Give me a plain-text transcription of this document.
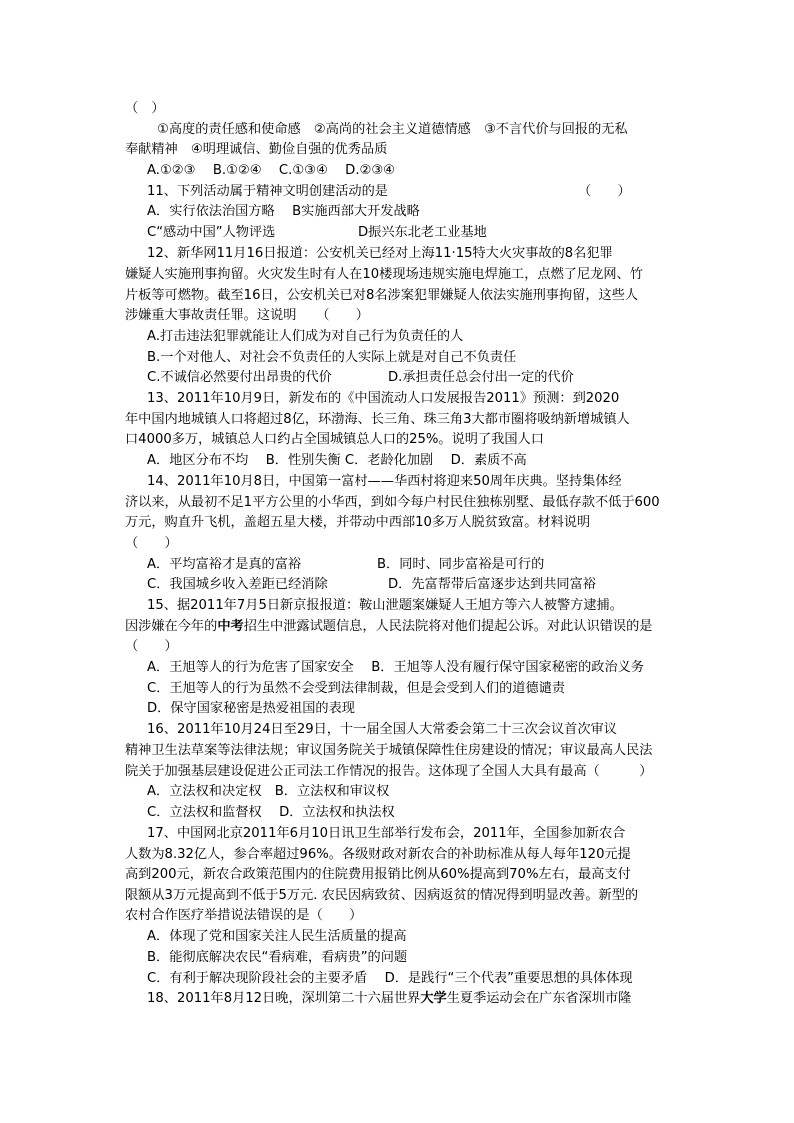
（　）
①高度的责任感和使命感　②高尚的社会主义道德情感　③不言代价与回报的无私
奉献精神　④明理诚信、勤俭自强的优秀品质
A.①②③　 B.①②④　 C.①③④　 D.②③④
11、下列活动属于精神文明创建活动的是	（　　）
A．实行依法治国方略　 B实施西部大开发战略
C“感动中国”人物评选	D振兴东北老工业基地
12、新华网11月16日报道：公安机关已经对上海11·15特大火灾事故的8名犯罪
嫌疑人实施刑事拘留。火灾发生时有人在10楼现场违规实施电焊施工，点燃了尼龙网、竹
片板等可燃物。截至16日，公安机关已对8名涉案犯罪嫌疑人依法实施刑事拘留，这些人
涉嫌重大事故责任罪。这说明　　（　　）
A.打击违法犯罪就能让人们成为对自己行为负责任的人
B.一个对他人、对社会不负责任的人实际上就是对自己不负责任
C.不诚信必然要付出昂贵的代价	D.承担责任总会付出一定的代价
13、2011年10月9日，新发布的《中国流动人口发展报告2011》预测：到2020
年中国内地城镇人口将超过8亿，环渤海、长三角、珠三角3大都市圈将吸纳新增城镇人
口4000多万，城镇总人口约占全国城镇总人口的25%。说明了我国人口
A．地区分布不均　 B．性别失衡 C．老龄化加剧　 D．素质不高
14、2011年10月8日，中国第一富村——华西村将迎来50周年庆典。坚持集体经
济以来，从最初不足1平方公里的小华西，到如今每户村民住独栋别墅、最低存款不低于600
万元，购直升飞机，盖超五星大楼，并带动中西部10多万人脱贫致富。材料说明
（　　）
A．平均富裕才是真的富裕	B．同时、同步富裕是可行的
C．我国城乡收入差距已经消除	D．先富帮带后富逐步达到共同富裕
15、据2011年7月5日新京报报道：鞍山泄题案嫌疑人王旭方等六人被警方逮捕。
因涉嫌在今年的中考招生中泄露试题信息，人民法院将对他们提起公诉。对此认识错误的是
（　　）
A．王旭等人的行为危害了国家安全　 B．王旭等人没有履行保守国家秘密的政治义务
C．王旭等人的行为虽然不会受到法律制裁，但是会受到人们的道德谴责
D．保守国家秘密是热爱祖国的表现
16、2011年10月24日至29日，十一届全国人大常委会第二十三次会议首次审议
精神卫生法草案等法律法规；审议国务院关于城镇保障性住房建设的情况；审议最高人民法
院关于加强基层建设促进公正司法工作情况的报告。这体现了全国人大具有最高（　　　）
A．立法权和决定权　B．立法权和审议权
C．立法权和监督权　 D．立法权和执法权
17、中国网北京2011年6月10日讯卫生部举行发布会，2011年，全国参加新农合
人数为8.32亿人，参合率超过96%。各级财政对新农合的补助标准从每人每年120元提
高到200元，新农合政策范围内的住院费用报销比例从60%提高到70%左右，最高支付
限额从3万元提高到不低于5万元. 农民因病致贫、因病返贫的情况得到明显改善。新型的
农村合作医疗举措说法错误的是（　　）
A．体现了党和国家关注人民生活质量的提高
B．能彻底解决农民“看病难，看病贵”的问题
C．有利于解决现阶段社会的主要矛盾　 D．是践行“三个代表”重要思想的具体体现
18、2011年8月12日晚，深圳第二十六届世界大学生夏季运动会在广东省深圳市隆
